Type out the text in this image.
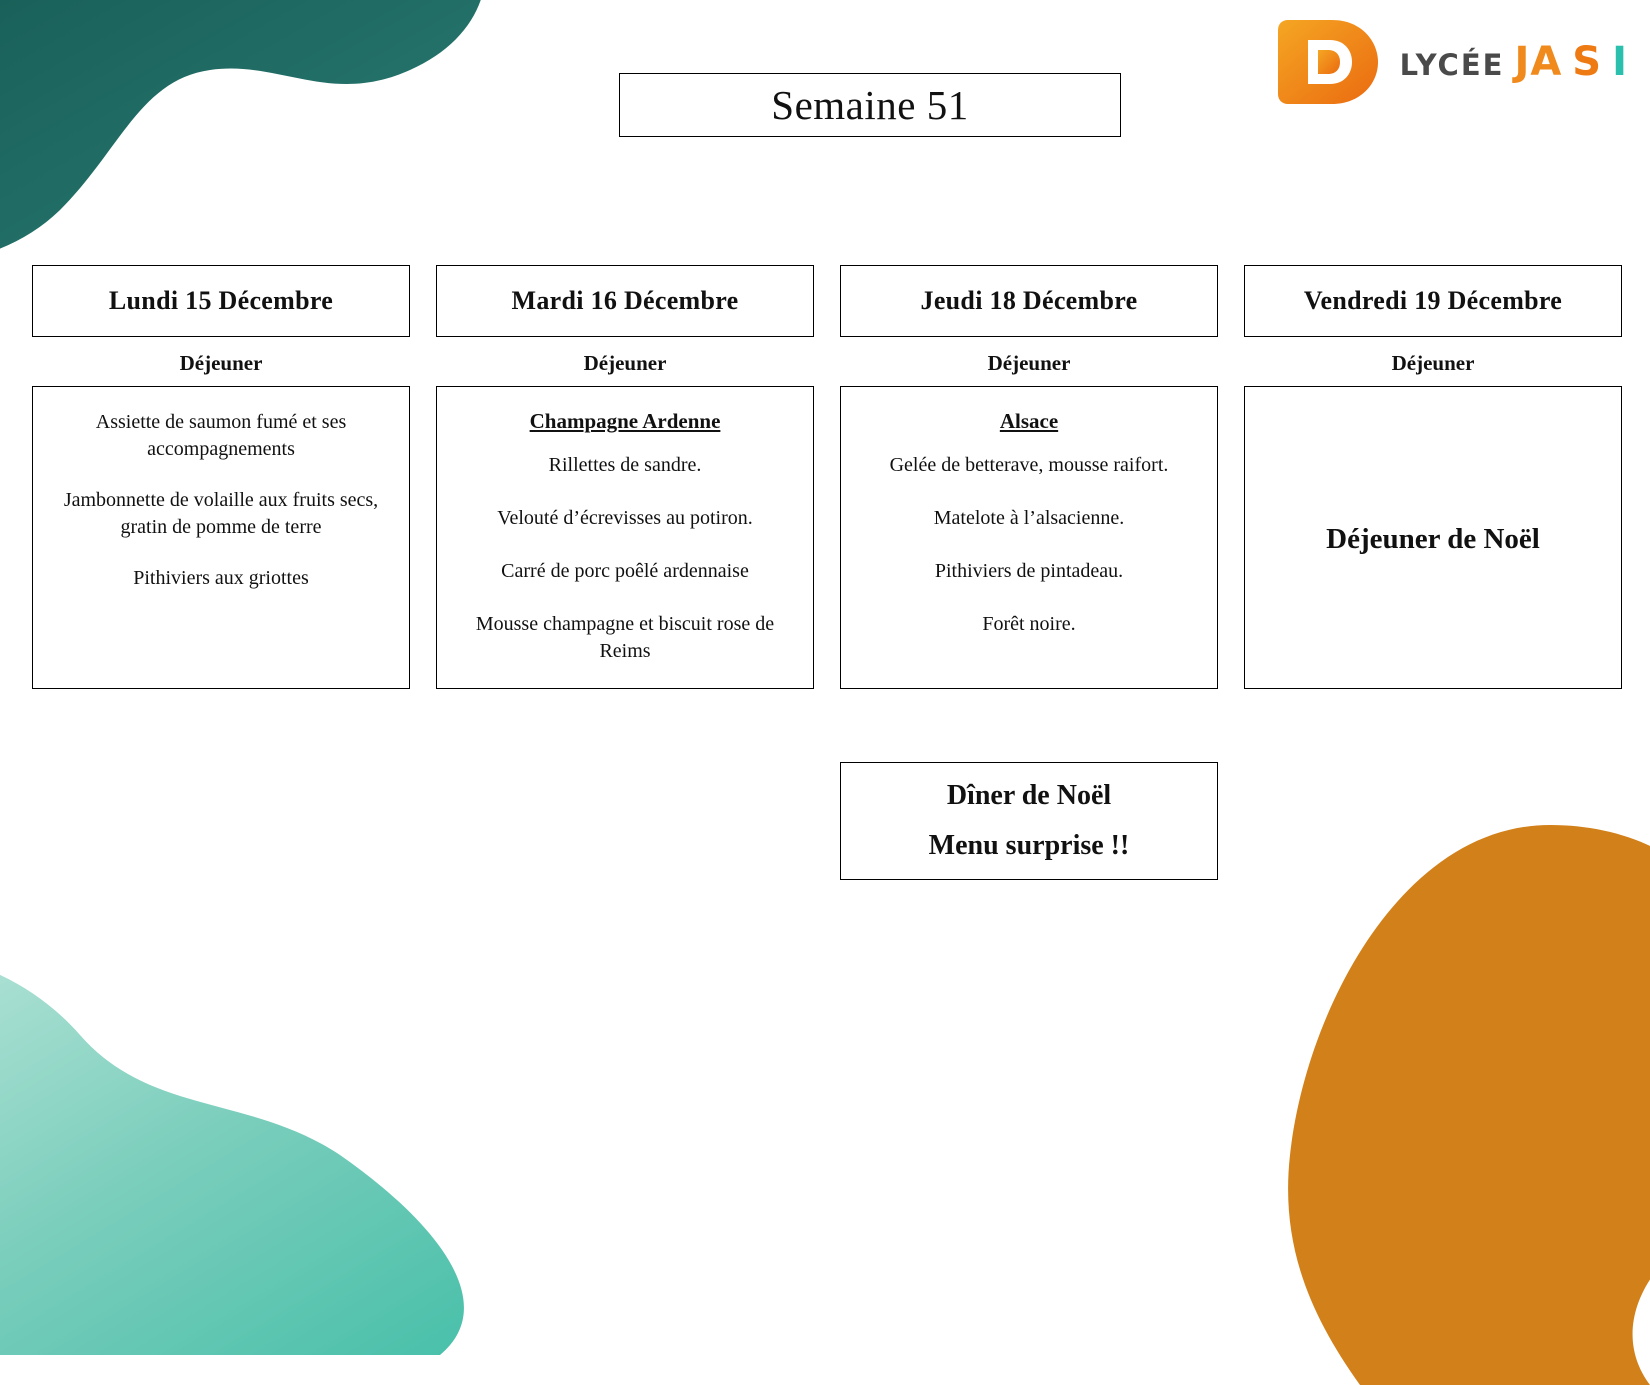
Semaine 51
LYCÉE JA S I
Lundi 15 Décembre
Déjeuner
Assiette de saumon fumé et ses accompagnements
Jambonnette de volaille aux fruits secs, gratin de pomme de terre
Pithiviers aux griottes
Mardi 16 Décembre
Déjeuner
Champagne Ardenne
Rillettes de sandre.
Velouté d’écrevisses au potiron.
Carré de porc poêlé ardennaise
Mousse champagne et biscuit rose de Reims
Jeudi 18 Décembre
Déjeuner
Alsace
Gelée de betterave, mousse raifort.
Matelote à l’alsacienne.
Pithiviers de pintadeau.
Forêt noire.
Vendredi 19 Décembre
Déjeuner
Déjeuner de Noël
Dîner de Noël
Menu surprise !!
